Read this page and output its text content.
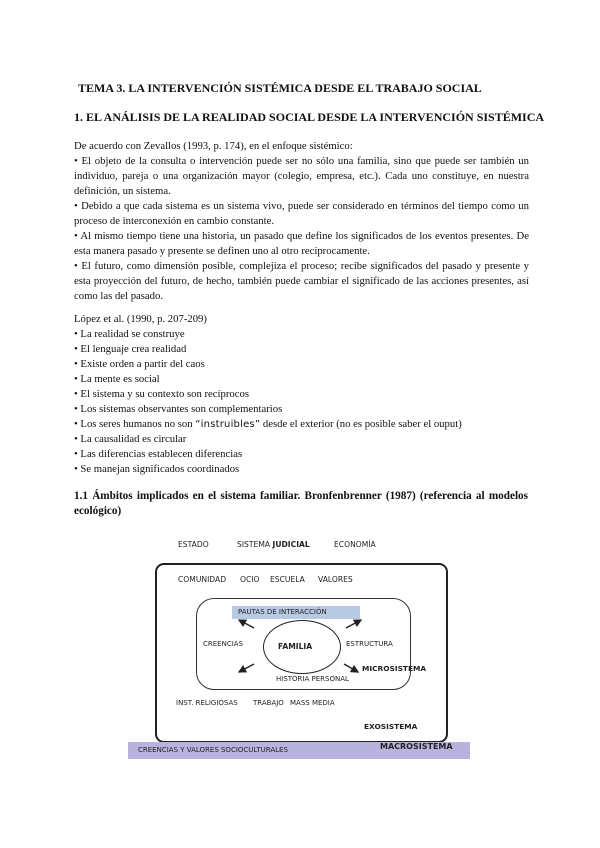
TEMA 3. LA INTERVENCIÓN SISTÉMICA DESDE EL TRABAJO SOCIAL
1. EL ANÁLISIS DE LA REALIDAD SOCIAL DESDE LA INTERVENCIÓN SISTÉMICA

De acuerdo con Zevallos (1993, p. 174), en el enfoque sistémico:

• El objeto de la consulta o intervención puede ser no sólo una familia, sino que puede ser también un individuo, pareja o una organización mayor (colegio, empresa, etc.). Cada uno constituye, en nuestra definición, un sistema.

• Debido a que cada sistema es un sistema vivo, puede ser considerado en términos del tiempo como un proceso de interconexión en cambio constante.

• Al mismo tiempo tiene una historia, un pasado que define los significados de los eventos presentes. De esta manera pasado y presente se definen uno al otro recíprocamente.

• El futuro, como dimensión posible, complejiza el proceso; recibe significados del pasado y presente y esta proyección del futuro, de hecho, también puede cambiar el significado de las acciones presentes, así como las del pasado.

López et al. (1990, p. 207-209)

• La realidad se construye

• El lenguaje crea realidad

• Existe orden a partir del caos

• La mente es social

• El sistema y su contexto son recíprocos

• Los sistemas observantes son complementarios

• Los seres humanos no son “instruibles” desde el exterior (no es posible saber el ouput)

• La causalidad es circular

• Las diferencias establecen diferencias

• Se manejan significados coordinados

1.1 Ámbitos implicados en el sistema familiar. Bronfenbrenner (1987) (referencia al modelos ecológico)
ESTADO	SISTEMA JUDICIAL	ECONOMÍA
COMUNIDAD OCIO ESCUELA VALORES
PAUTAS DE INTERACCIÓN
FAMILIA
CREENCIAS	ESTRUCTURA
HISTORIA PERSONAL
MICROSISTEMA
INST. RELIGIOSAS TRABAJO MASS MEDIA
EXOSISTEMA
CREENCIAS Y VALORES SOCIOCULTURALES	MACROSISTEMA
